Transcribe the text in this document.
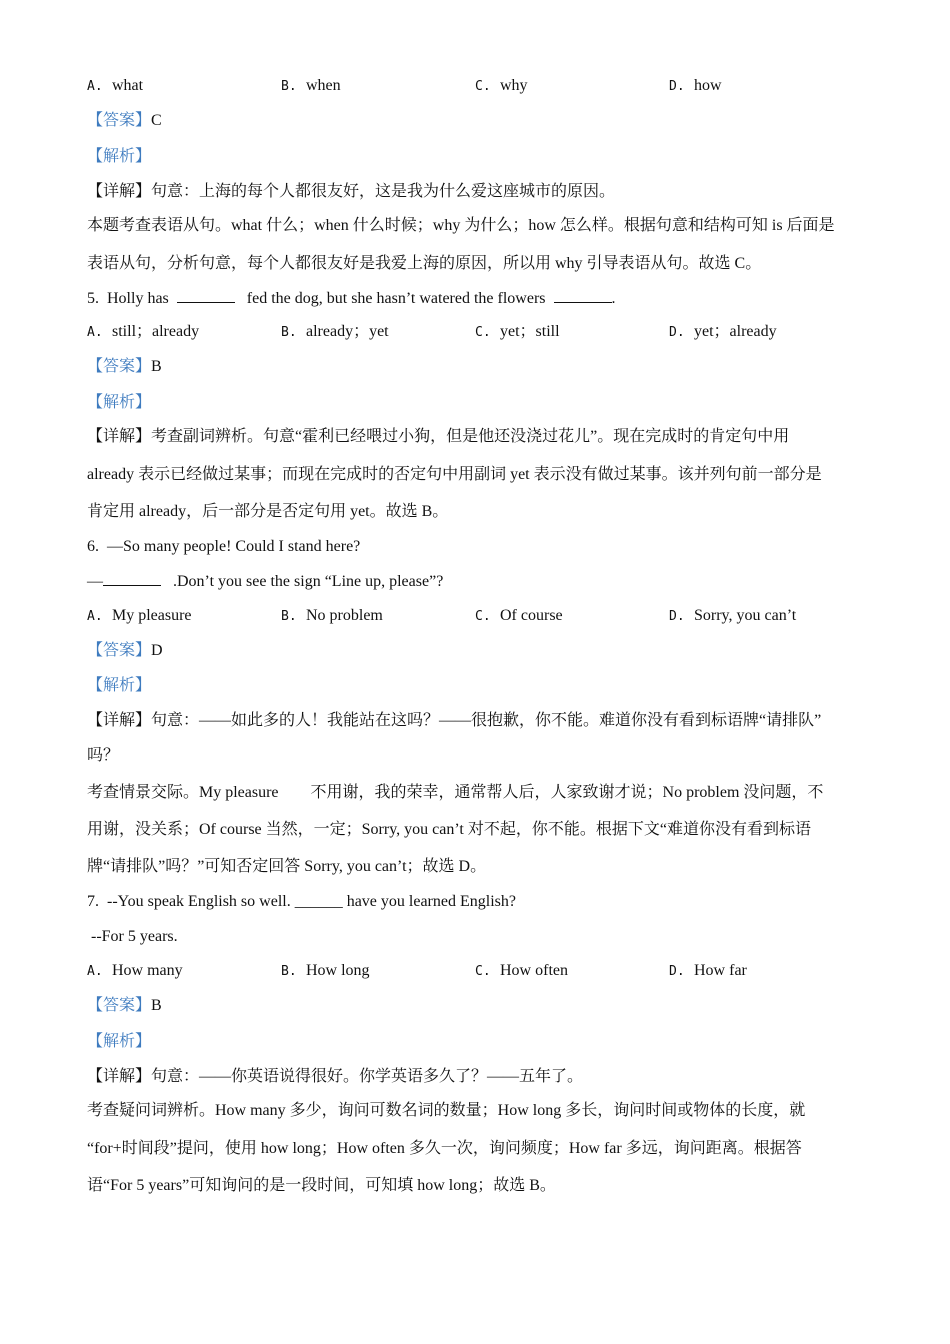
A. what	B. when	C. why	D. how
【答案】C
【解析】
【详解】句意：上海的每个人都很友好，这是我为什么爱这座城市的原因。
本题考查表语从句。what 什么；when 什么时候；why 为什么；how 怎么样。根据句意和结构可知 is 后面是
表语从句，分析句意，每个人都很友好是我爱上海的原因，所以用 why 引导表语从句。故选 C。
5. Holly has	fed the dog, but she hasn’t watered the flowers	.
A. still；already	B. already；yet	C. yet；still	D. yet；already
【答案】B
【解析】
【详解】考查副词辨析。句意“霍利已经喂过小狗，但是他还没浇过花儿”。现在完成时的肯定句中用
already 表示已经做过某事；而现在完成时的否定句中用副词 yet 表示没有做过某事。该并列句前一部分是
肯定用 already，后一部分是否定句用 yet。故选 B。
6. —So many people! Could I stand here?
—	.Don’t you see the sign “Line up, please”?
A. My pleasure	B. No problem	C. Of course	D. Sorry, you can’t
【答案】D
【解析】
【详解】句意：——如此多的人！我能站在这吗？——很抱歉，你不能。难道你没有看到标语牌“请排队”
吗？
考查情景交际。My pleasure　　不用谢，我的荣幸，通常帮人后，人家致谢才说；No problem 没问题，不
用谢，没关系；Of course 当然，一定；Sorry, you can’t 对不起，你不能。根据下文“难道你没有看到标语
牌“请排队”吗？”可知否定回答 Sorry, you can’t；故选 D。
7. --You speak English so well. ______ have you learned English?
--For 5 years.
A. How many	B. How long	C. How often	D. How far
【答案】B
【解析】
【详解】句意：——你英语说得很好。你学英语多久了？——五年了。
考查疑问词辨析。How many 多少，询问可数名词的数量；How long 多长，询问时间或物体的长度，就
“for+时间段”提问，使用 how long；How often 多久一次，询问频度；How far 多远，询问距离。根据答
语“For 5 years”可知询问的是一段时间，可知填 how long；故选 B。
